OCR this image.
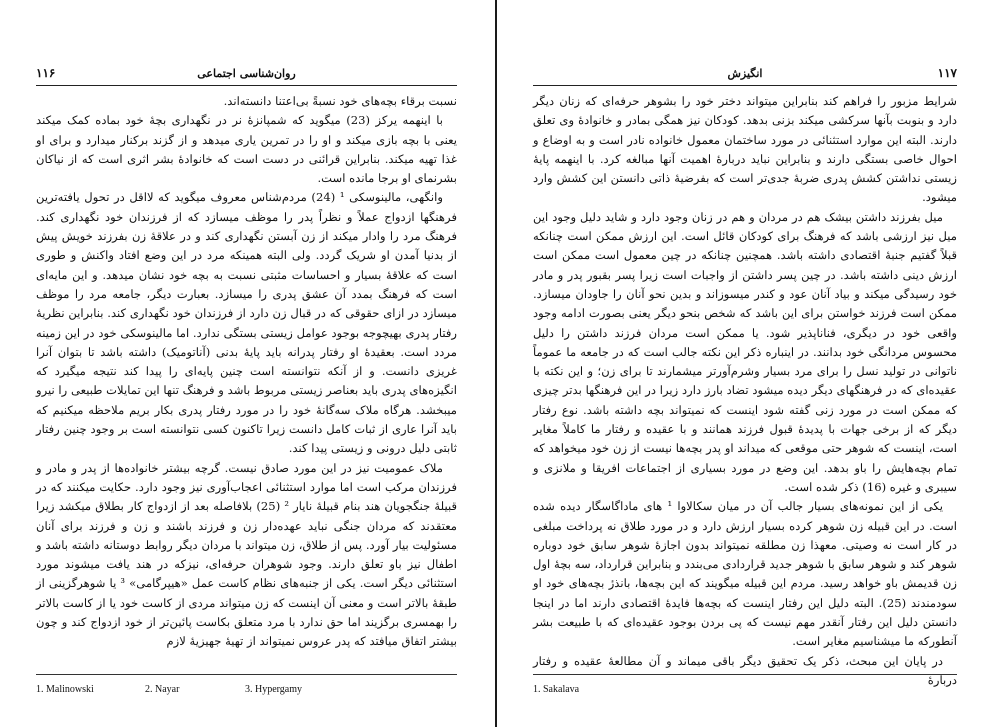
۱۱۶	روان‌شناسی اجتماعی

نسبت برقاء بچه‌های خود نسبةً بی‌اعتنا دانسته‌اند.

با اینهمه یرکز (23) میگوید که شمپانزهٔ نر در نگهداری بچهٔ خود بماده کمک میکند یعنی با بچه بازی میکند و او را در تمرین یاری میدهد و از گزند برکنار میدارد و برای او غذا تهیه میکند. بنابراین قرائنی در دست است که خانوادهٔ بشر اثری است که از نیاکان بشرنمای او برجا مانده است.

وانگهی، مالینوسکی ¹ (24) مردم‌شناس معروف میگوید که لااقل در تحول یافته‌ترین فرهنگها ازدواج عملاً و نظراً پدر را موظف میسازد که از فرزندان خود نگهداری کند. فرهنگ مرد را وادار میکند از زن آبستن نگهداری کند و در علاقهٔ زن بفرزند خویش پیش از بدنیا آمدن او شریک گردد. ولی البته همینکه مرد در این وضع افتاد واکنش و طوری است که علاقهٔ بسیار و احساسات مثبتی نسبت به بچه خود نشان میدهد. و این مایه‌ای است که فرهنگ بمدد آن عشق پدری را میسازد. بعبارت دیگر، جامعه مرد را موظف میسازد در ازای حقوقی که در قبال زن دارد از فرزندان خود نگهداری کند. بنابراین نظریهٔ رفتار پدری بهیچوجه بوجود عوامل زیستی بستگی ندارد. اما مالینوسکی خود در این زمینه مردد است. بعقیدهٔ او رفتار پدرانه باید پایهٔ بدنی (آناتومیک) داشته باشد تا بتوان آنرا غریزی دانست. و از آنکه نتوانسته است چنین پایه‌ای را پیدا کند نتیجه میگیرد که انگیزه‌های پدری باید بعناصر زیستی مربوط باشد و فرهنگ تنها این تمایلات طبیعی را نیرو میبخشد. هرگاه ملاک سه‌گانهٔ خود را در مورد رفتار پدری بکار بریم ملاحظه میکنیم که باید آنرا عاری از ثبات کامل دانست زیرا تاکنون کسی نتوانسته است بر وجود چنین رفتار ثابتی دلیل درونی و زیستی پیدا کند.

ملاک عمومیت نیز در این مورد صادق نیست. گرچه بیشتر خانواده‌ها از پدر و مادر و فرزندان مرکب است اما موارد استثنائی اعجاب‌آوری نیز وجود دارد. حکایت میکنند که در قبیلهٔ جنگجویان هند بنام قبیلهٔ نایار ² (25) بلافاصله بعد از ازدواج کار بطلاق میکشد زیرا معتقدند که مردان جنگی نباید عهده‌دار زن و فرزند باشند و زن و فرزند برای آنان مسئولیت بیار آورد. پس از طلاق، زن میتواند با مردان دیگر روابط دوستانه داشته باشد و اطفال نیز باو تعلق دارند. وجود شوهران حرفه‌ای، نیزکه در هند یافت میشوند مورد استثنائی دیگر است. یکی از جنبه‌های نظام کاست عمل «هیپرگامی» ³ یا شوهرگزینی از طبقهٔ بالاتر است و معنی آن اینست که زن میتواند مردی از کاست خود یا از کاست بالاتر را بهمسری برگزیند اما حق ندارد با مرد متعلق بکاست پائین‌تر از خود ازدواج کند و چون بیشتر اتفاق میافتد که پدر عروس نمیتواند از تهیهٔ جهیزیهٔ لازم

1. Malinowski	2. Nayar	3. Hypergamy
انگیزش	۱۱۷

شرایط مزبور را فراهم کند بنابراین میتواند دختر خود را بشوهر حرفه‌ای که زنان دیگر دارد و بنوبت بآنها سرکشی میکند بزنی بدهد. کودکان نیز همگی بمادر و خانوادهٔ وی تعلق دارند. البته این موارد استثنائی در مورد ساختمان معمول خانواده نادر است و به اوضاع و احوال خاصی بستگی دارند و بنابراین نباید دربارهٔ اهمیت آنها مبالغه کرد. با اینهمه پایهٔ زیستی نداشتن کشش پدری ضربهٔ جدی‌تر است که بفرضیهٔ ذاتی دانستن این کشش وارد میشود.

میل بفرزند داشتن بیشک هم در مردان و هم در زنان وجود دارد و شاید دلیل وجود این میل نیز ارزشی باشد که فرهنگ برای کودکان قائل است. این ارزش ممکن است چنانکه قبلاً گفتیم جنبهٔ اقتصادی داشته باشد. همچنین چنانکه در چین معمول است ممکن است ارزش دینی داشته باشد. در چین پسر داشتن از واجبات است زیرا پسر بقبور پدر و مادر خود رسیدگی میکند و بیاد آنان عود و کندر میسوزاند و بدین نحو آنان را جاودان میسازد. ممکن است فرزند خواستن برای این باشد که شخص بنحو دیگر یعنی بصورت ادامه وجود واقعی خود در دیگری، فناناپذیر شود. یا ممکن است مردان فرزند داشتن را دلیل محسوس مردانگی خود بدانند. در اینباره ذکر این نکته جالب است که در جامعه ما عموماً ناتوانی در تولید نسل را برای مرد بسیار وشرم‌آورتر میشمارند تا برای زن؛ و این نکته با عقیده‌ای که در فرهنگهای دیگر دیده میشود تضاد بارز دارد زیرا در این فرهنگها بدتر چیزی که ممکن است در مورد زنی گفته شود اینست که نمیتواند بچه داشته باشد. نوع رفتار دیگر که از برخی جهات با پدیدهٔ قبول فرزند همانند و با عقیده و رفتار ما کاملاً مغایر است، اینست که شوهر حتی موقعی که میداند او پدر بچه‌ها نیست از زن خود میخواهد که تمام بچه‌هایش را باو بدهد. این وضع در مورد بسیاری از اجتماعات افریقا و ملانزی و سیبری و غیره (16) ذکر شده است.

یکی از این نمونه‌های بسیار جالب آن در میان سکالاوا ¹ های ماداگاسگار دیده شده است. در این قبیله زن شوهر کرده بسیار ارزش دارد و در مورد طلاق نه پرداخت مبلغی در کار است نه وصیتی. معهذا زن مطلقه نمیتواند بدون اجازهٔ شوهر سابق خود دوباره شوهر کند و شوهر سابق با شوهر جدید قراردادی می‌بندد و بنابراین قرارداد، سه بچهٔ اول زن قدیمش باو خواهد رسید. مردم این قبیله میگویند که این بچه‌ها، بانذرٔ بچه‌های خود او سودمندند (25). البته دلیل این رفتار اینست که بچه‌ها فایدهٔ اقتصادی دارند اما در اینجا دانستن دلیل این رفتار آنقدر مهم نیست که پی بردن بوجود عقیده‌ای که با طبیعت بشر آنطورکه ما میشناسیم مغایر است.

در پایان این مبحث، ذکر یک تحقیق دیگر باقی میماند و آن مطالعهٔ عقیده و رفتار دربارهٔ

1. Sakalava
